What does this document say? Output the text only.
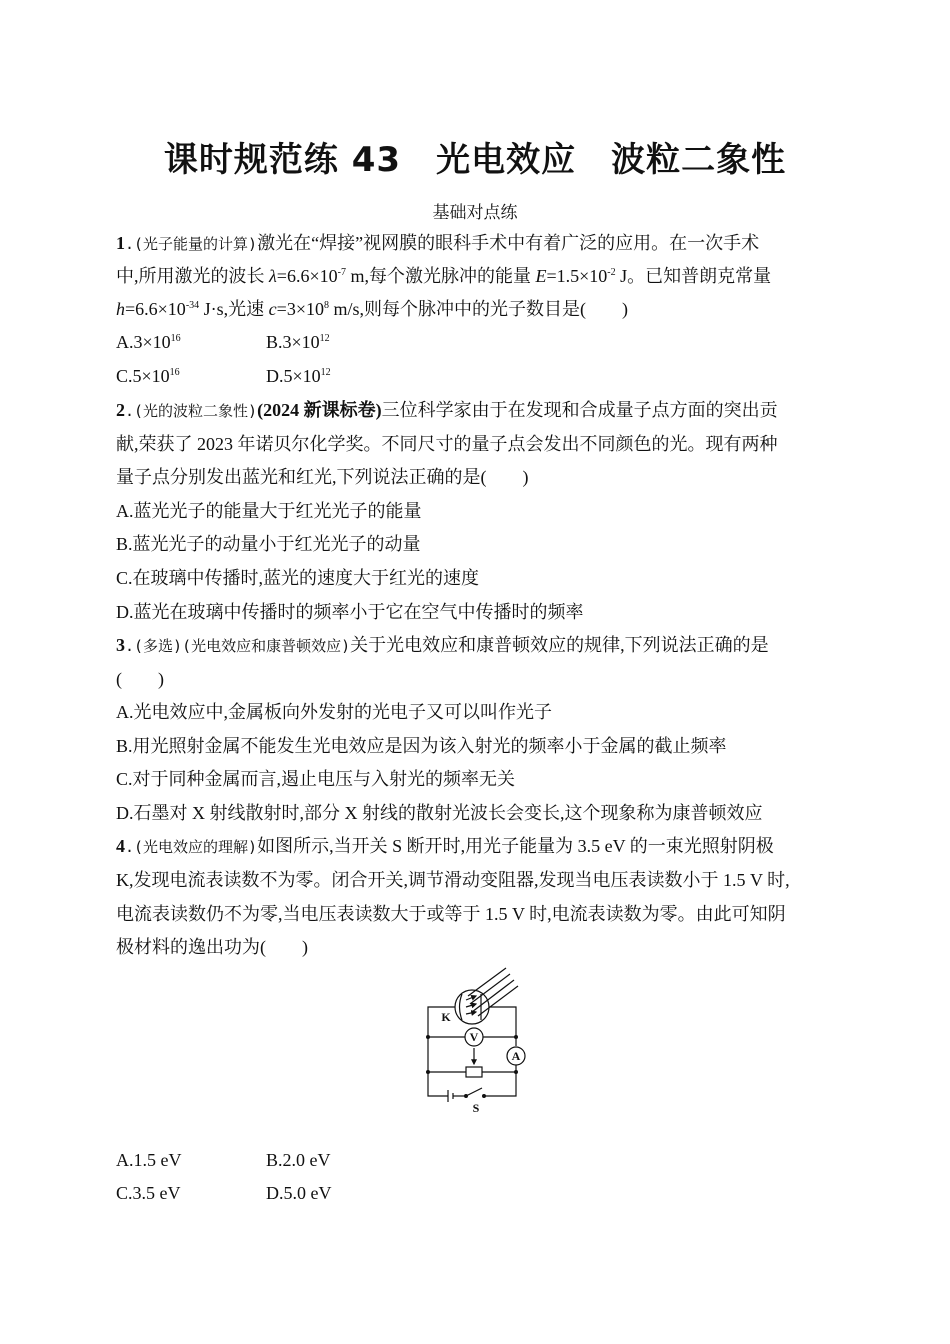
课时规范练 43　光电效应　波粒二象性
基础对点练
1.(光子能量的计算)激光在“焊接”视网膜的眼科手术中有着广泛的应用。在一次手术
中,所用激光的波长 $\lambda=6.6\times 10^{-7}$ m,每个激光脉冲的能量 $E=1.5\times 10^{-2}$ J。已知普朗克常量
$h=6.6\times 10^{-34}$ J·s,光速 $c=3\times 10^8$ m/s,则每个脉冲中的光子数目是(　　)
$A.3\times 10^{16}$	$B.3\times 10^{12}$
$C.5\times 10^{16}$	$D.5\times 10^{12}$
2.(光的波粒二象性)(2024 新课标卷)三位科学家由于在发现和合成量子点方面的突出贡
献,荣获了 2023 年诺贝尔化学奖。不同尺寸的量子点会发出不同颜色的光。现有两种
量子点分别发出蓝光和红光,下列说法正确的是(　　)
A.蓝光光子的能量大于红光光子的能量
B.蓝光光子的动量小于红光光子的动量
C.在玻璃中传播时,蓝光的速度大于红光的速度
D.蓝光在玻璃中传播时的频率小于它在空气中传播时的频率
3.(多选)(光电效应和康普顿效应)关于光电效应和康普顿效应的规律,下列说法正确的是
(　　)
A.光电效应中,金属板向外发射的光电子又可以叫作光子
B.用光照射金属不能发生光电效应是因为该入射光的频率小于金属的截止频率
C.对于同种金属而言,遏止电压与入射光的频率无关
D.石墨对 X 射线散射时,部分 X 射线的散射光波长会变长,这个现象称为康普顿效应
4.(光电效应的理解)如图所示,当开关 S 断开时,用光子能量为 3.5 eV 的一束光照射阴极
K,发现电流表读数不为零。闭合开关,调节滑动变阻器,发现当电压表读数小于 1.5 V 时,
电流表读数仍不为零,当电压表读数大于或等于 1.5 V 时,电流表读数为零。由此可知阴
极材料的逸出功为(　　)
K
V
A
S
A.1.5 eV	B.2.0 eV
C.3.5 eV	D.5.0 eV
